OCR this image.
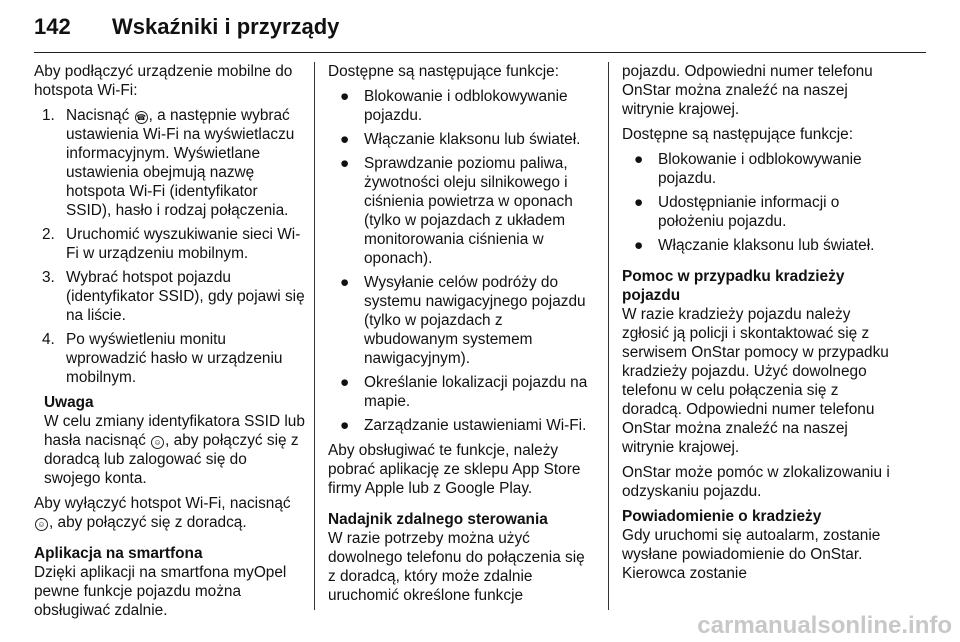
142 Wskaźniki i przyrządy

Aby podłączyć urządzenie mobilne do hotspota Wi-Fi:

1. Nacisnąć ☎ , a następnie wybrać ustawienia Wi-Fi na wyświetlaczu informacyjnym. Wyświetlane ustawienia obejmują nazwę hotspota Wi-Fi (identyfikator SSID), hasło i rodzaj połączenia.
2. Uruchomić wyszukiwanie sieci Wi-Fi w urządzeniu mobilnym.
3. Wybrać hotspot pojazdu (identyfikator SSID), gdy pojawi się na liście.
4. Po wyświetleniu monitu wprowadzić hasło w urządzeniu mobilnym.
Uwaga

W celu zmiany identyfikatora SSID lub hasła nacisnąć ☺ , aby połączyć się z doradcą lub zalogować się do swojego konta.

Aby wyłączyć hotspot Wi-Fi, nacisnąć ☺ , aby połączyć się z doradcą.

Aplikacja na smartfona

Dzięki aplikacji na smartfona myOpel pewne funkcje pojazdu można obsługiwać zdalnie.

Dostępne są następujące funkcje:

● Blokowanie i odblokowywanie pojazdu.
● Włączanie klaksonu lub świateł.
● Sprawdzanie poziomu paliwa, żywotności oleju silnikowego i ciśnienia powietrza w oponach (tylko w pojazdach z układem monitorowania ciśnienia w oponach).
● Wysyłanie celów podróży do systemu nawigacyjnego pojazdu (tylko w pojazdach z wbudowanym systemem nawigacyjnym).
● Określanie lokalizacji pojazdu na mapie.
● Zarządzanie ustawieniami Wi-Fi.

Aby obsługiwać te funkcje, należy pobrać aplikację ze sklepu App Store firmy Apple lub z Google Play.

Nadajnik zdalnego sterowania

W razie potrzeby można użyć dowolnego telefonu do połączenia się z doradcą, który może zdalnie uruchomić określone funkcje

pojazdu. Odpowiedni numer telefonu OnStar można znaleźć na naszej witrynie krajowej.

Dostępne są następujące funkcje:

● Blokowanie i odblokowywanie pojazdu.
● Udostępnianie informacji o położeniu pojazdu.
● Włączanie klaksonu lub świateł.
Pomoc w przypadku kradzieży pojazdu

W razie kradzieży pojazdu należy zgłosić ją policji i skontaktować się z serwisem OnStar pomocy w przypadku kradzieży pojazdu. Użyć dowolnego telefonu w celu połączenia się z doradcą. Odpowiedni numer telefonu OnStar można znaleźć na naszej witrynie krajowej.

OnStar może pomóc w zlokalizowaniu i odzyskaniu pojazdu.

Powiadomienie o kradzieży

Gdy uruchomi się autoalarm, zostanie wysłane powiadomienie do OnStar. Kierowca zostanie

carmanualsonline.info
